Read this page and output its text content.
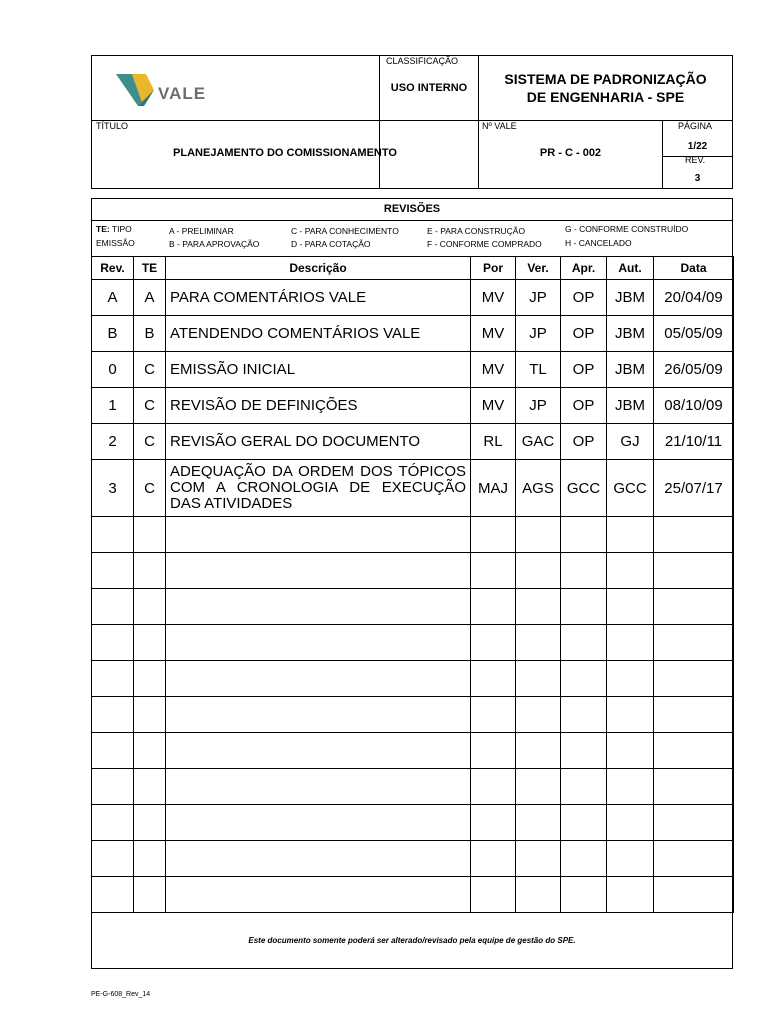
VALE
CLASSIFICAÇÃO
USO INTERNO
SISTEMA DE PADRONIZAÇÃO
DE ENGENHARIA - SPE
TÍTULO
PLANEJAMENTO DO COMISSIONAMENTO
Nº VALE
PR - C - 002
PÁGINA
1/22
REV.
3
REVISÕES
TE: TIPO
EMISSÃO
A - PRELIMINAR
B - PARA APROVAÇÃO
C - PARA CONHECIMENTO
D - PARA COTAÇÃO
E - PARA CONSTRUÇÃO
F - CONFORME COMPRADO
G - CONFORME CONSTRUÍDO
H - CANCELADO
Rev.	TE	Descrição	Por	Ver.	Apr.	Aut.	Data
A	A	PARA COMENTÁRIOS VALE	MV	JP	OP	JBM	20/04/09
B	B	ATENDENDO COMENTÁRIOS VALE	MV	JP	OP	JBM	05/05/09
0	C	EMISSÃO INICIAL	MV	TL	OP	JBM	26/05/09
1	C	REVISÃO DE DEFINIÇÕES	MV	JP	OP	JBM	08/10/09
2	C	REVISÃO GERAL DO DOCUMENTO	RL	GAC	OP	GJ	21/10/11
3	C	ADEQUAÇÃO DA ORDEM DOS TÓPICOS COM A CRONOLOGIA DE EXECUÇÃO DAS ATIVIDADES	MAJ	AGS	GCC	GCC	25/07/17

Este documento somente poderá ser alterado/revisado pela equipe de gestão do SPE.
PE-G-608_Rev_14
